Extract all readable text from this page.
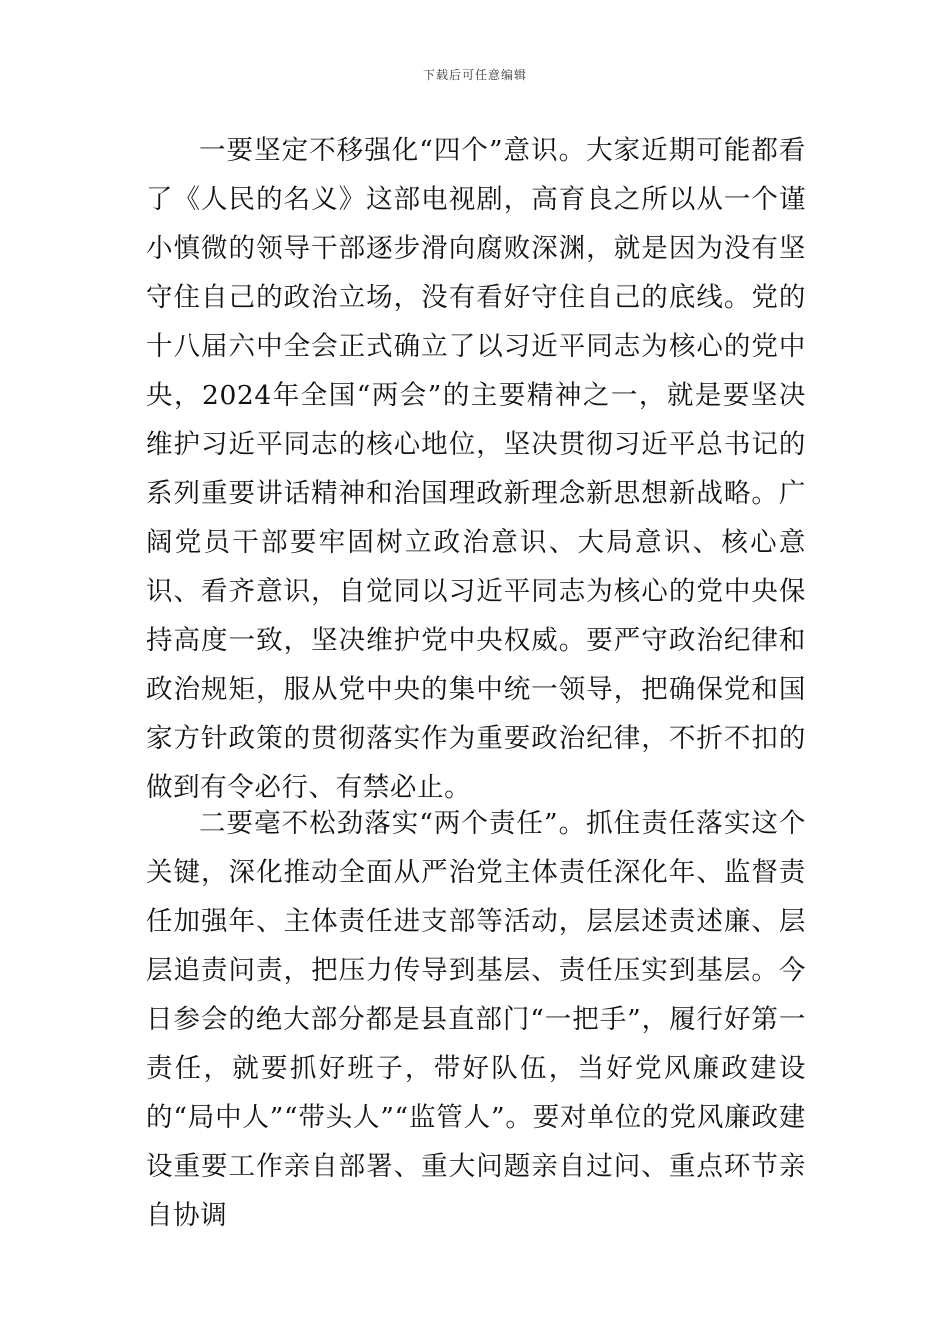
下载后可任意编辑

一要坚定不移强化“四个”意识。大家近期可能都看了《人民的名义》这部电视剧，高育良之所以从一个谨小慎微的领导干部逐步滑向腐败深渊，就是因为没有坚守住自己的政治立场，没有看好守住自己的底线。党的十八届六中全会正式确立了以习近平同志为核心的党中央，2024年全国“两会”的主要精神之一，就是要坚决维护习近平同志的核心地位，坚决贯彻习近平总书记的系列重要讲话精神和治国理政新理念新思想新战略。广阔党员干部要牢固树立政治意识、大局意识、核心意识、看齐意识，自觉同以习近平同志为核心的党中央保持高度一致，坚决维护党中央权威。要严守政治纪律和政治规矩，服从党中央的集中统一领导，把确保党和国家方针政策的贯彻落实作为重要政治纪律，不折不扣的做到有令必行、有禁必止。

二要毫不松劲落实“两个责任”。抓住责任落实这个关键，深化推动全面从严治党主体责任深化年、监督责任加强年、主体责任进支部等活动，层层述责述廉、层层追责问责，把压力传导到基层、责任压实到基层。今日参会的绝大部分都是县直部门“一把手”，履行好第一责任，就要抓好班子，带好队伍，当好党风廉政建设的“局中人”“带头人”“监管人”。要对单位的党风廉政建设重要工作亲自部署、重大问题亲自过问、重点环节亲自协调
